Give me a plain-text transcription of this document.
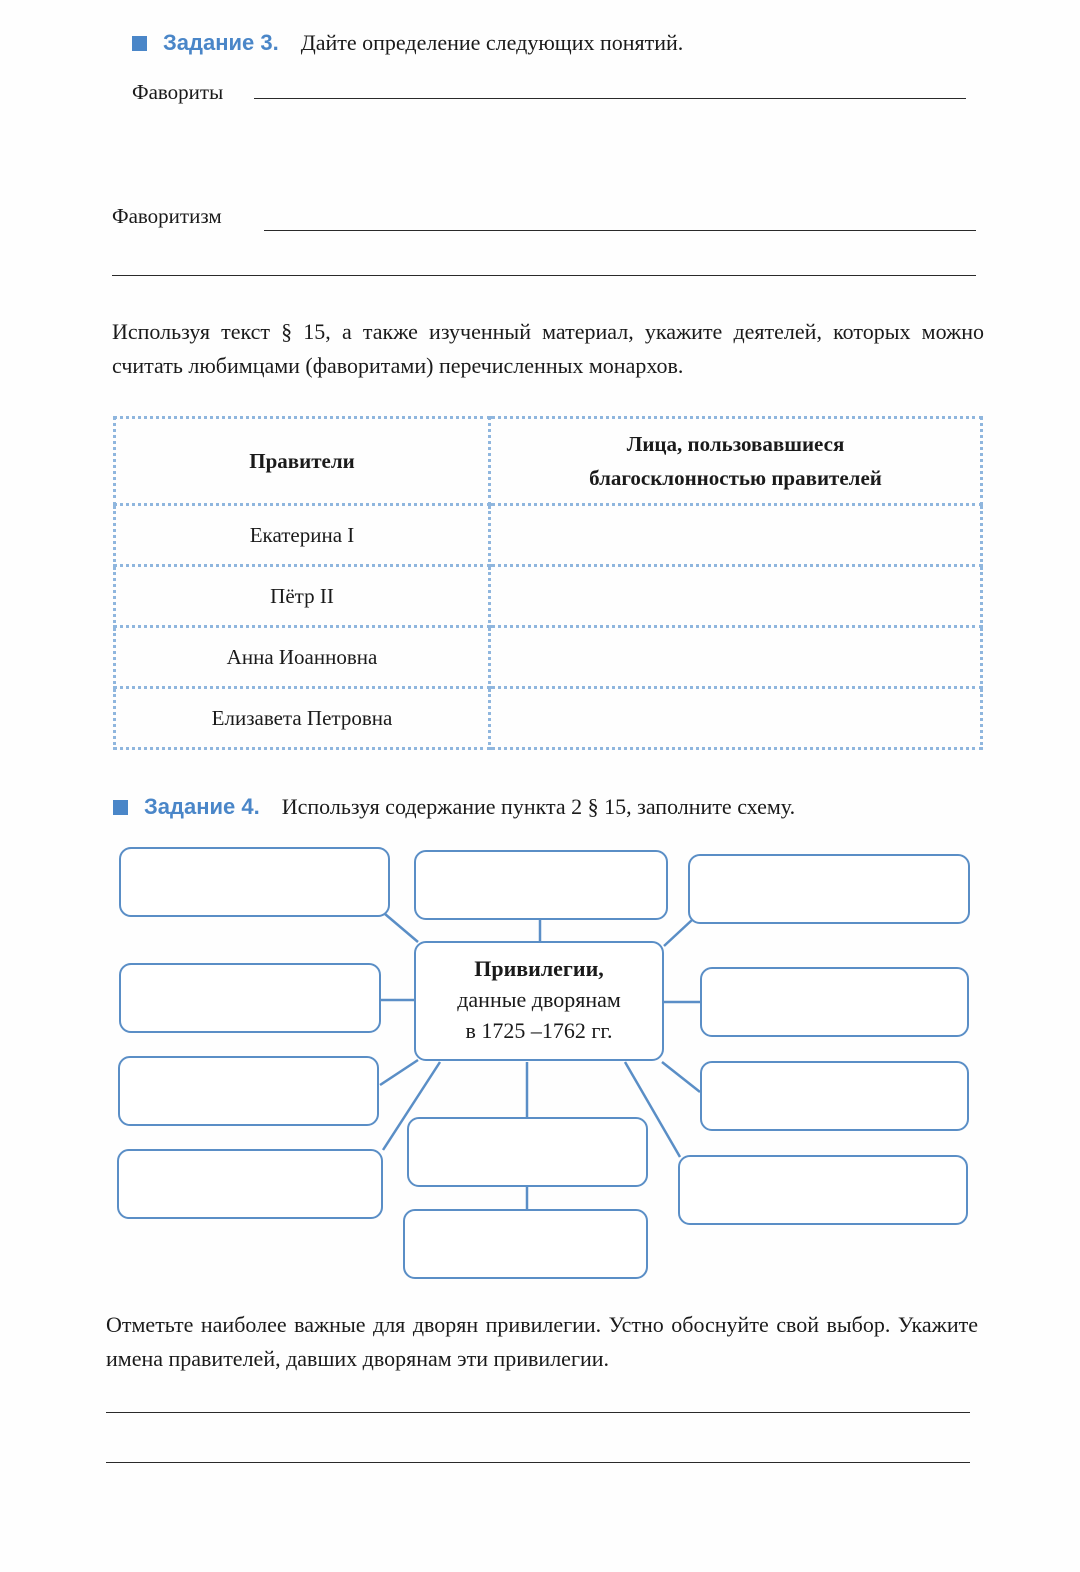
Задание 3. Дайте определение следующих понятий.
Фавориты
Фаворитизм
Используя текст § 15, а также изученный материал, укажите деятелей, которых можно считать любимцами (фаворитами) перечисленных монархов.
Правители	Лица, пользовавшиеся благосклонностью правителей
Екатерина I	
Пётр II	
Анна Иоанновна	
Елизавета Петровна	
Задание 4. Используя содержание пункта 2 § 15, заполните схему.
Привилегии,
данные дворянам
в 1725 –1762 гг.
Отметьте наиболее важные для дворян привилегии. Устно обоснуйте свой выбор. Укажите имена правителей, давших дворянам эти привилегии.
